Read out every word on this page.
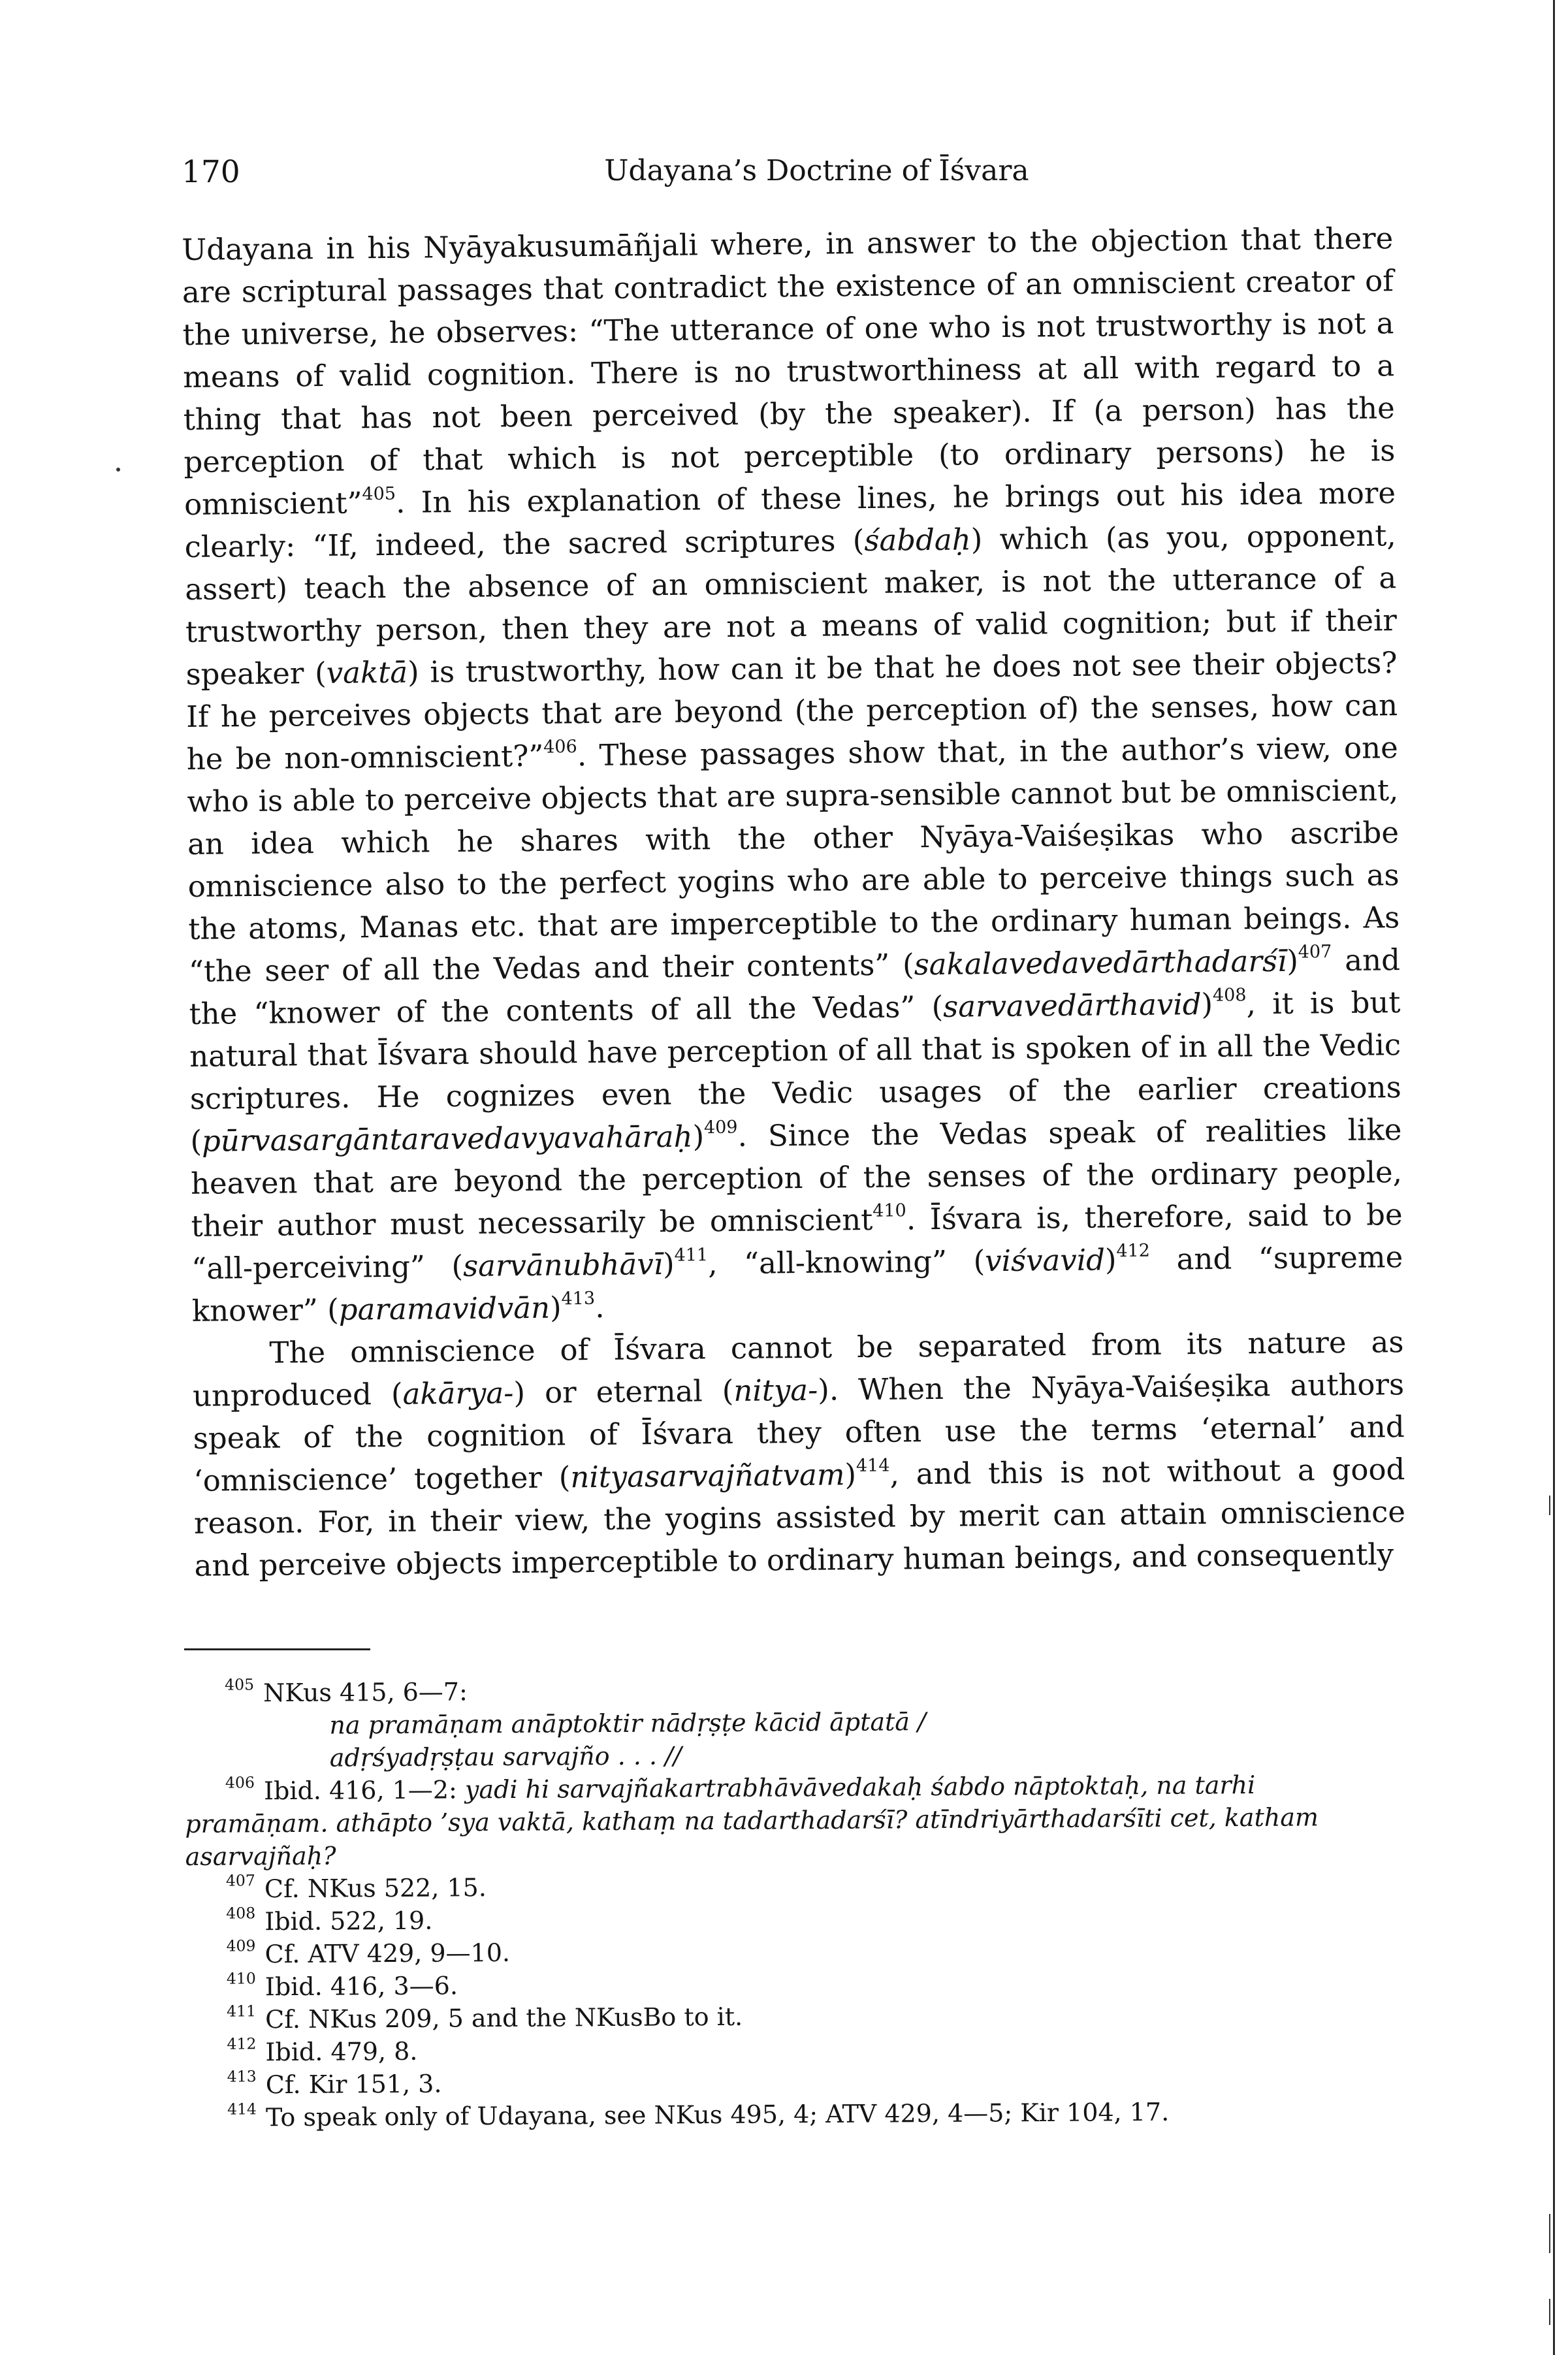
170	Udayana’s Doctrine of Īśvara

Udayana in his Nyāyakusumāñjali where, in answer to the objection that there are scriptural passages that contradict the existence of an omniscient creator of the universe, he observes: “The utterance of one who is not trustworthy is not a means of valid cognition. There is no trustworthiness at all with regard to a thing that has not been perceived (by the speaker). If (a person) has the perception of that which is not perceptible (to ordinary persons) he is omniscient”$^{405}$. In his explanation of these lines, he brings out his idea more clearly: “If, indeed, the sacred scriptures (śabdaḥ) which (as you, opponent, assert) teach the absence of an omniscient maker, is not the utterance of a trustworthy person, then they are not a means of valid cognition; but if their speaker (vaktā) is trustworthy, how can it be that he does not see their objects? If he perceives objects that are beyond (the perception of) the senses, how can he be non-omniscient?”$^{406}$. These passages show that, in the author’s view, one who is able to perceive objects that are supra-sensible cannot but be omniscient, an idea which he shares with the other Nyāya-Vaiśeṣikas who ascribe omniscience also to the perfect yogins who are able to perceive things such as the atoms, Manas etc. that are imperceptible to the ordinary human beings. As “the seer of all the Vedas and their contents” (sakalavedavedārthadarśī)$^{407}$ and the “knower of the contents of all the Vedas” (sarvavedārthavid)$^{408}$, it is but natural that Īśvara should have perception of all that is spoken of in all the Vedic scriptures. He cognizes even the Vedic usages of the earlier creations (pūrvasargāntaravedavyavahāraḥ)$^{409}$. Since the Vedas speak of realities like heaven that are beyond the perception of the senses of the ordinary people, their author must necessarily be omniscient$^{410}$. Īśvara is, therefore, said to be “all-perceiving” (sarvānubhāvī)$^{411}$, “all-knowing” (viśvavid)$^{412}$ and “supreme knower” (paramavidvān)$^{413}$.

The omniscience of Īśvara cannot be separated from its nature as unproduced (akārya-) or eternal (nitya-). When the Nyāya-Vaiśeṣika authors speak of the cognition of Īśvara they often use the terms ‘eternal’ and ‘omniscience’ together (nityasarvajñatvam)$^{414}$, and this is not without a good reason. For, in their view, the yogins assisted by merit can attain omniscience and perceive objects imperceptible to ordinary human beings, and consequently

$^{405}$ NKus 415, 6—7:

na pramāṇam anāptoktir nādṛṣṭe kācid āptatā /

adṛśyadṛṣṭau sarvajño . . . //

$^{406}$ Ibid. 416, 1—2: yadi hi sarvajñakartrabhāvāvedakaḥ śabdo nāptoktaḥ, na tarhi pramāṇam. athāpto ’sya vaktā, kathaṃ na tadarthadarśī? atīndriyārthadarśīti cet, katham asarvajñaḥ?

$^{407}$ Cf. NKus 522, 15.

$^{408}$ Ibid. 522, 19.

$^{409}$ Cf. ATV 429, 9—10.

$^{410}$ Ibid. 416, 3—6.

$^{411}$ Cf. NKus 209, 5 and the NKusBo to it.

$^{412}$ Ibid. 479, 8.

$^{413}$ Cf. Kir 151, 3.

$^{414}$ To speak only of Udayana, see NKus 495, 4; ATV 429, 4—5; Kir 104, 17.
